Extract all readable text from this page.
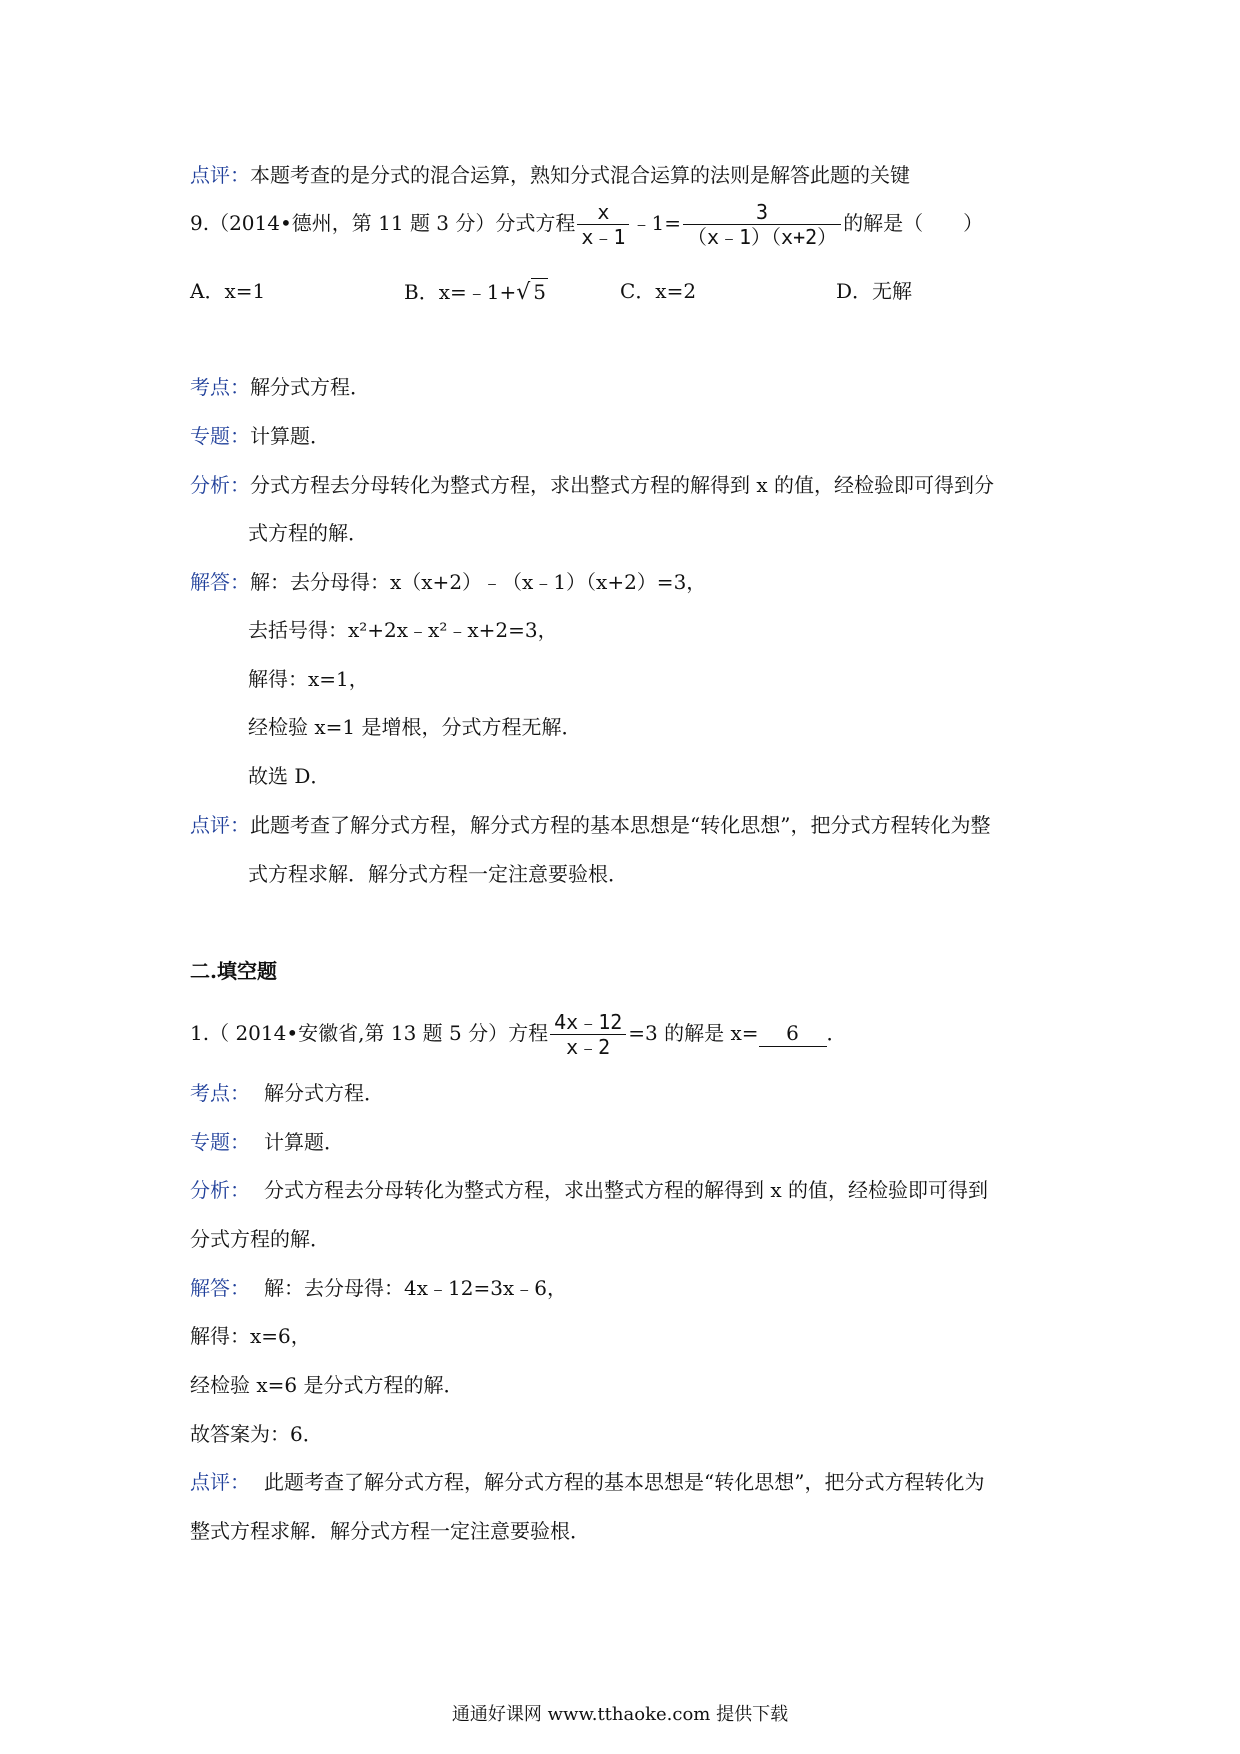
点评：本题考查的是分式的混合运算，熟知分式混合运算的法则是解答此题的关键
9.（2014•德州，第 11 题 3 分）分式方程 $\frac{x}{x﹣1}$ ﹣1= $\frac{3}{(x﹣1)(x+2)}$ 的解是（　　）
A．x=1	B．x=﹣1+√ 5	C．x=2	D．无解
考点：解分式方程．
专题：计算题．
分析：分式方程去分母转化为整式方程，求出整式方程的解得到 x 的值，经检验即可得到分
式方程的解．
解答：解：去分母得：x（x+2）﹣（x﹣1）（x+2）=3，
去括号得：x²+2x﹣x²﹣x+2=3，
解得：x=1，
经检验 x=1 是增根，分式方程无解．
故选 D．
点评：此题考查了解分式方程，解分式方程的基本思想是“转化思想”，把分式方程转化为整
式方程求解．解分式方程一定注意要验根．
二.填空题
1.（ 2014•安徽省,第 13 题 5 分）方程 $\frac{4x﹣12}{x﹣2} =3$ 的解是 x= 6 ．
考点： 解分式方程．
专题： 计算题．
分析： 分式方程去分母转化为整式方程，求出整式方程的解得到 x 的值，经检验即可得到
分式方程的解．
解答： 解：去分母得：4x﹣12=3x﹣6，
解得：x=6，
经检验 x=6 是分式方程的解．
故答案为：6．
点评： 此题考查了解分式方程，解分式方程的基本思想是“转化思想”，把分式方程转化为
整式方程求解．解分式方程一定注意要验根．
通通好课网 www.tthaoke.com 提供下载
